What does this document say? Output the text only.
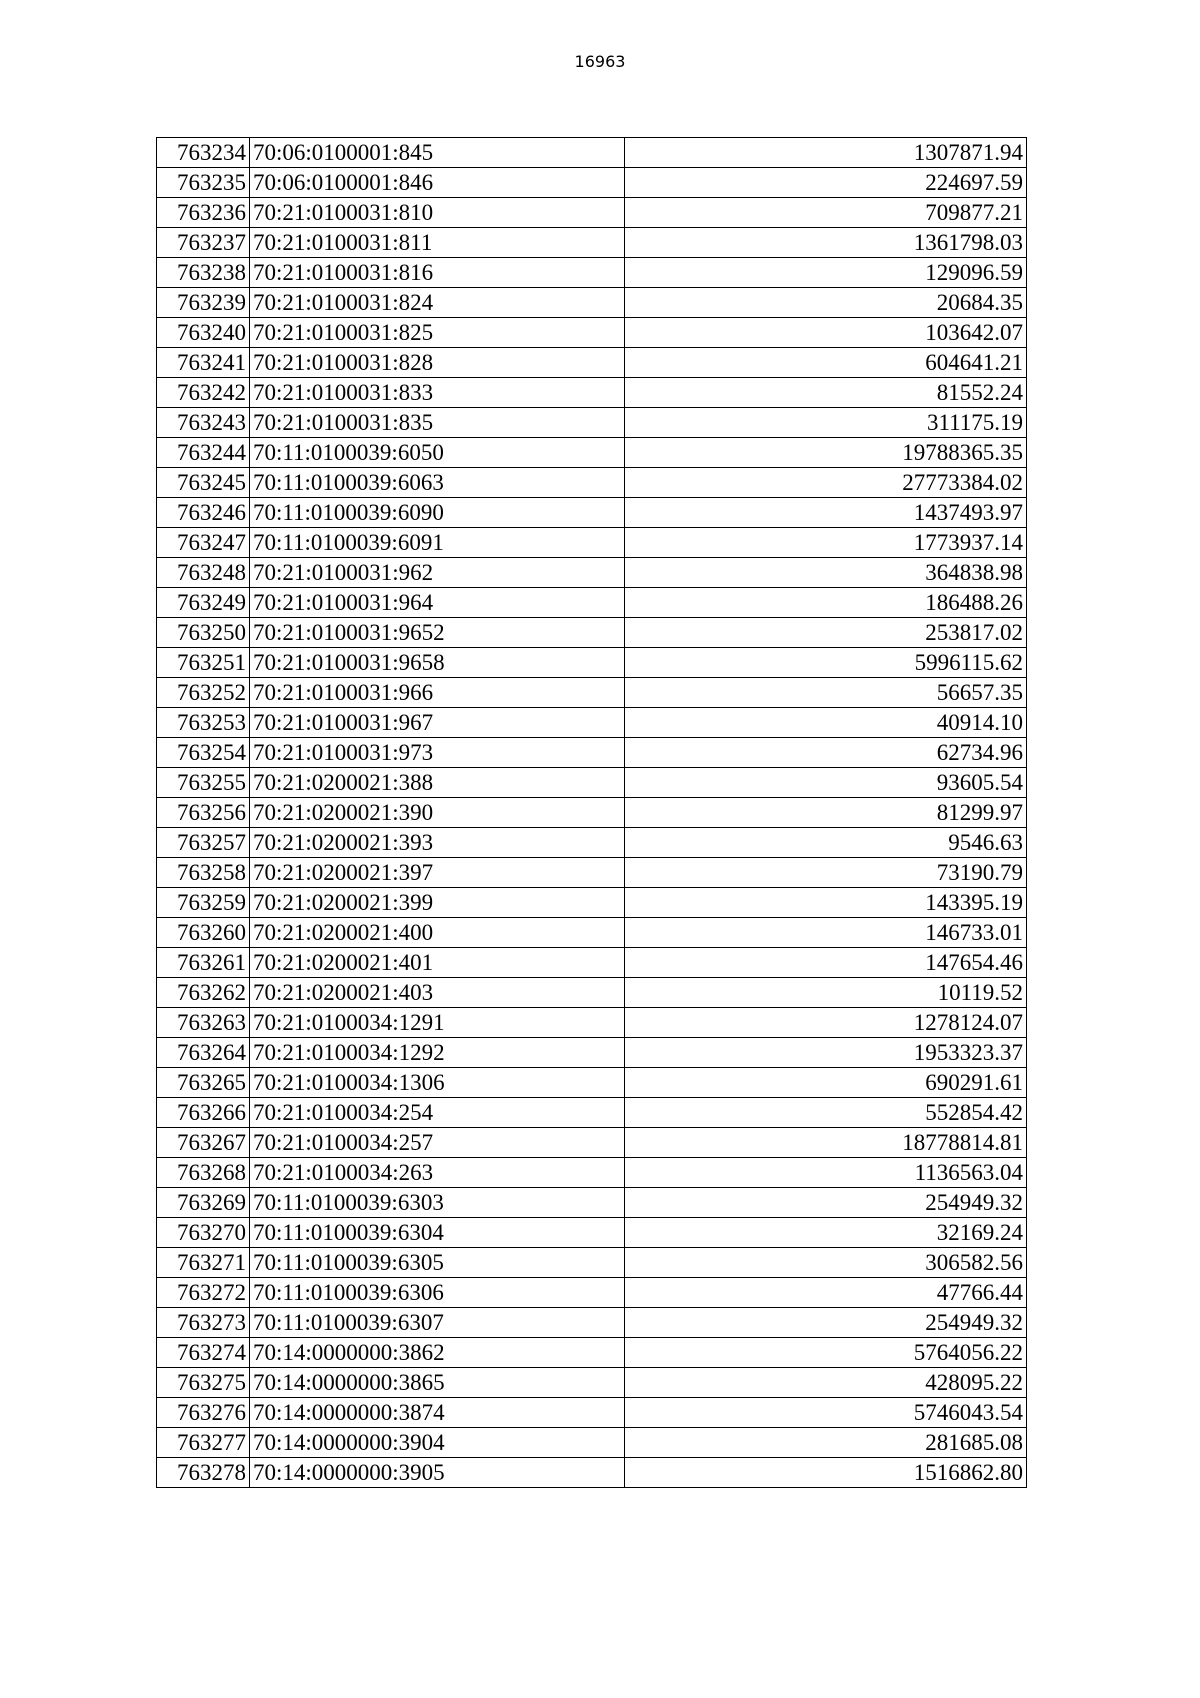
16963
763234	70:06:0100001:845	1307871.94
763235	70:06:0100001:846	224697.59
763236	70:21:0100031:810	709877.21
763237	70:21:0100031:811	1361798.03
763238	70:21:0100031:816	129096.59
763239	70:21:0100031:824	20684.35
763240	70:21:0100031:825	103642.07
763241	70:21:0100031:828	604641.21
763242	70:21:0100031:833	81552.24
763243	70:21:0100031:835	311175.19
763244	70:11:0100039:6050	19788365.35
763245	70:11:0100039:6063	27773384.02
763246	70:11:0100039:6090	1437493.97
763247	70:11:0100039:6091	1773937.14
763248	70:21:0100031:962	364838.98
763249	70:21:0100031:964	186488.26
763250	70:21:0100031:9652	253817.02
763251	70:21:0100031:9658	5996115.62
763252	70:21:0100031:966	56657.35
763253	70:21:0100031:967	40914.10
763254	70:21:0100031:973	62734.96
763255	70:21:0200021:388	93605.54
763256	70:21:0200021:390	81299.97
763257	70:21:0200021:393	9546.63
763258	70:21:0200021:397	73190.79
763259	70:21:0200021:399	143395.19
763260	70:21:0200021:400	146733.01
763261	70:21:0200021:401	147654.46
763262	70:21:0200021:403	10119.52
763263	70:21:0100034:1291	1278124.07
763264	70:21:0100034:1292	1953323.37
763265	70:21:0100034:1306	690291.61
763266	70:21:0100034:254	552854.42
763267	70:21:0100034:257	18778814.81
763268	70:21:0100034:263	1136563.04
763269	70:11:0100039:6303	254949.32
763270	70:11:0100039:6304	32169.24
763271	70:11:0100039:6305	306582.56
763272	70:11:0100039:6306	47766.44
763273	70:11:0100039:6307	254949.32
763274	70:14:0000000:3862	5764056.22
763275	70:14:0000000:3865	428095.22
763276	70:14:0000000:3874	5746043.54
763277	70:14:0000000:3904	281685.08
763278	70:14:0000000:3905	1516862.80
